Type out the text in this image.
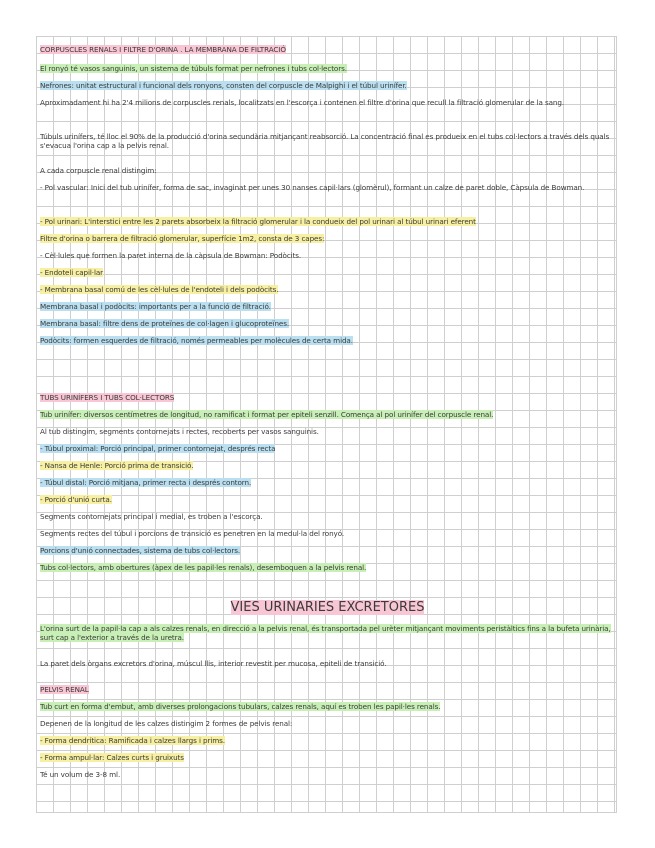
CORPUSCLES RENALS I FILTRE D'ORINA . LA MEMBRANA DE FILTRACIÓ
El ronyó té vasos sanguinis, un sistema de túbuls format per nefrones i tubs col·lectors.
Nefrones: unitat estructural i funcional dels ronyons, consten del corpuscle de Malpighi i el túbul urinífer.
Aproximadament hi ha 2'4 milions de corpuscles renals, localitzats en l'escorça i contenen el filtre d'orina que recull la filtració glomerular de la sang.
Túbuls urinífers, té lloc el 90% de la producció d'orina secundària mitjançant reabsorció. La concentració final es produeix en el tubs col·lectors a través dels quals s'evacua l'orina cap a la pelvis renal.
A cada corpuscle renal distingim:
- Pol vascular: Inici del tub urinífer, forma de sac, invaginat per unes 30 nanses capil·lars (glomèrul), formant un calze de paret doble, Càpsula de Bowman.
- Pol urinari: L'interstici entre les 2 parets absorbeix la filtració glomerular i la condueix del pol urinari al túbul urinari eferent
Filtre d'orina o barrera de filtració glomerular, superfície 1m2, consta de 3 capes:
- Cèl·lules que formen la paret interna de la càpsula de Bowman: Podòcits.
- Endoteli capil·lar
- Membrana basal comú de les cèl·lules de l'endoteli i dels podòcits.
Membrana basal i podòcits: importants per a la funció de filtració.
Membrana basal: filtre dens de proteïnes de col·lagen i glucoproteïnes.
Podòcits: formen esquerdes de filtració, només permeables per molècules de certa mida.
TUBS URINÍFERS I TUBS COL·LECTORS
Tub urinífer: diversos centímetres de longitud, no ramificat i format per epiteli senzill. Comença al pol urinífer del corpuscle renal.
Al tub distingim, segments contornejats i rectes, recoberts per vasos sanguinis.
- Túbul proximal: Porció principal, primer contornejat, després recta
- Nansa de Henle: Porció prima de transició.
- Túbul distal: Porció mitjana, primer recta i després contorn.
- Porció d'unió curta.
Segments contornejats principal i medial, es troben a l'escorça.
Segments rectes del túbul i porcions de transició es penetren en la medul·la del ronyó.
Porcions d'unió connectades, sistema de tubs col·lectors.
Tubs col·lectors, amb obertures (àpex de les papil·les renals), desemboquen a la pelvis renal.
VIES URINARIES EXCRETORES
L'orina surt de la papil·la cap a als calzes renals, en direcció a la pelvis renal, és transportada pel urèter mitjançant moviments peristàltics fins a la bufeta urinària, surt cap a l'exterior a través de la uretra.
La paret dels òrgans excretors d'orina, múscul llis, interior revestit per mucosa, epiteli de transició.
PELVIS RENAL
Tub curt en forma d'embut, amb diverses prolongacions tubulars, calzes renals, aquí es troben les papil·les renals.
Depenen de la longitud de les calzes distingim 2 formes de pelvis renal:
- Forma dendrítica: Ramificada i calzes llargs i prims.
- Forma ampul·lar: Calzes curts i gruixuts
Té un volum de 3-8 ml.
